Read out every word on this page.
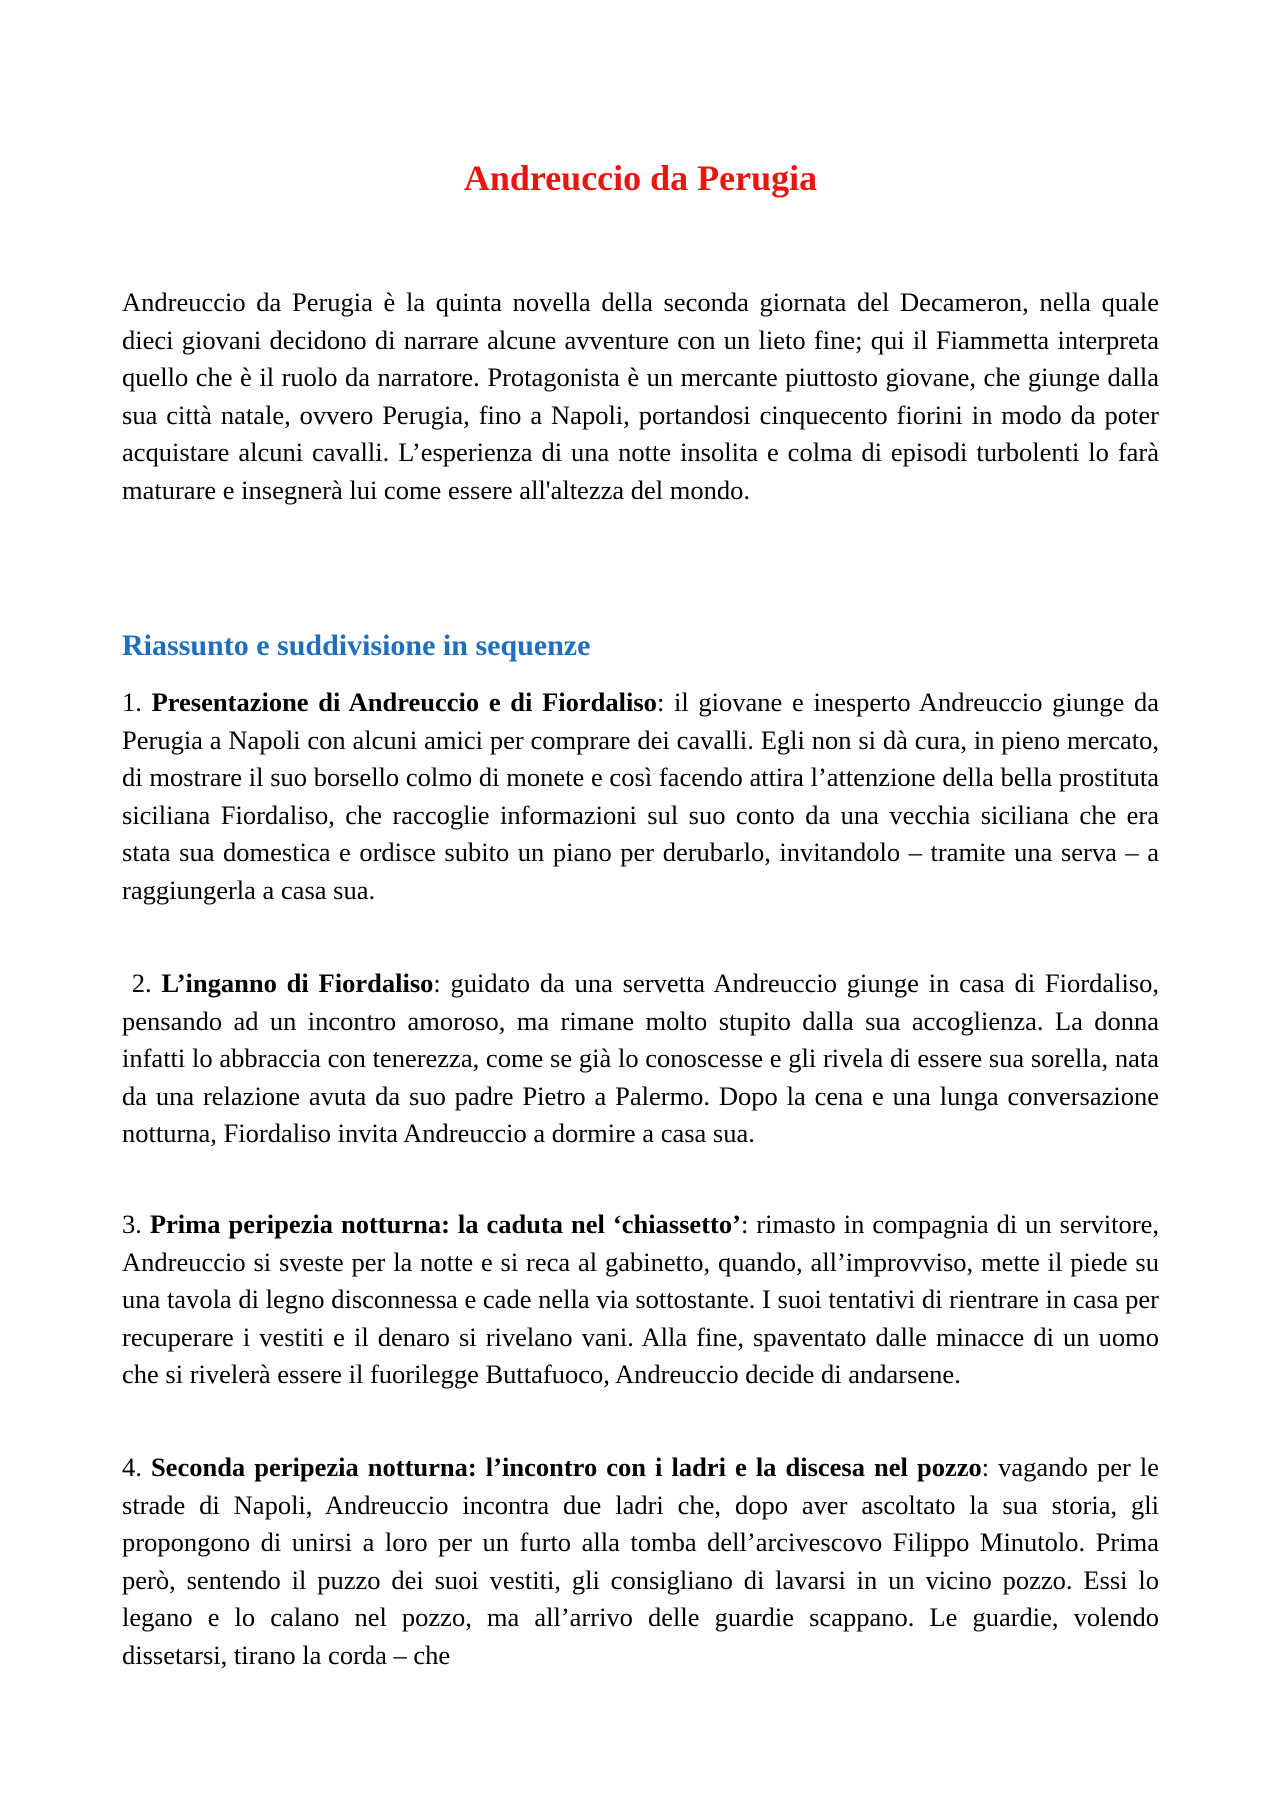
Andreuccio da Perugia

Andreuccio da Perugia è la quinta novella della seconda giornata del Decameron, nella quale dieci giovani decidono di narrare alcune avventure con un lieto fine; qui il Fiammetta interpreta quello che è il ruolo da narratore. Protagonista è un mercante piuttosto giovane, che giunge dalla sua città natale, ovvero Perugia, fino a Napoli, portandosi cinquecento fiorini in modo da poter acquistare alcuni cavalli. L’esperienza di una notte insolita e colma di episodi turbolenti lo farà maturare e insegnerà lui come essere all'altezza del mondo.

Riassunto e suddivisione in sequenze

1. Presentazione di Andreuccio e di Fiordaliso: il giovane e inesperto Andreuccio giunge da Perugia a Napoli con alcuni amici per comprare dei cavalli. Egli non si dà cura, in pieno mercato, di mostrare il suo borsello colmo di monete e così facendo attira l’attenzione della bella prostituta siciliana Fiordaliso, che raccoglie informazioni sul suo conto da una vecchia siciliana che era stata sua domestica e ordisce subito un piano per derubarlo, invitandolo – tramite una serva – a raggiungerla a casa sua.

2. L’inganno di Fiordaliso: guidato da una servetta Andreuccio giunge in casa di Fiordaliso, pensando ad un incontro amoroso, ma rimane molto stupito dalla sua accoglienza. La donna infatti lo abbraccia con tenerezza, come se già lo conoscesse e gli rivela di essere sua sorella, nata da una relazione avuta da suo padre Pietro a Palermo. Dopo la cena e una lunga conversazione notturna, Fiordaliso invita Andreuccio a dormire a casa sua.

3. Prima peripezia notturna: la caduta nel ‘chiassetto’: rimasto in compagnia di un servitore, Andreuccio si sveste per la notte e si reca al gabinetto, quando, all’improvviso, mette il piede su una tavola di legno disconnessa e cade nella via sottostante. I suoi tentativi di rientrare in casa per recuperare i vestiti e il denaro si rivelano vani. Alla fine, spaventato dalle minacce di un uomo che si rivelerà essere il fuorilegge Buttafuoco, Andreuccio decide di andarsene.

4. Seconda peripezia notturna: l’incontro con i ladri e la discesa nel pozzo: vagando per le strade di Napoli, Andreuccio incontra due ladri che, dopo aver ascoltato la sua storia, gli propongono di unirsi a loro per un furto alla tomba dell’arcivescovo Filippo Minutolo. Prima però, sentendo il puzzo dei suoi vestiti, gli consigliano di lavarsi in un vicino pozzo. Essi lo legano e lo calano nel pozzo, ma all’arrivo delle guardie scappano. Le guardie, volendo dissetarsi, tirano la corda – che
